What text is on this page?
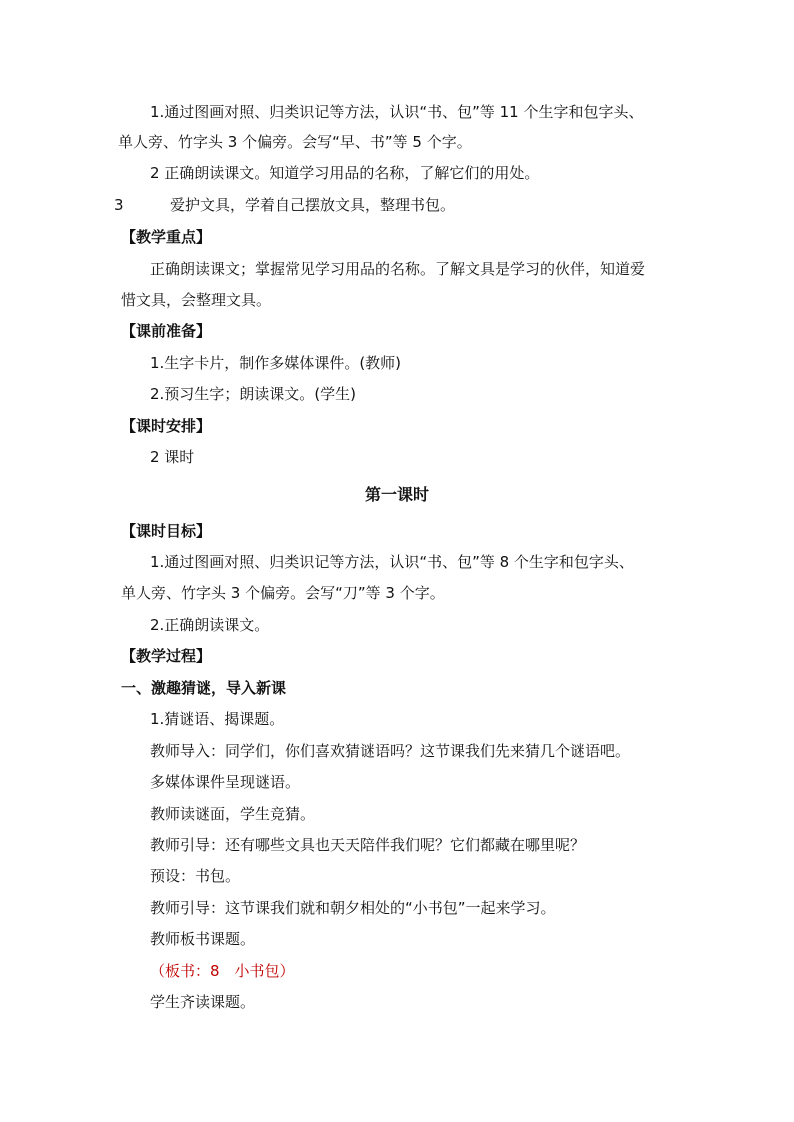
1.通过图画对照、归类识记等方法，认识“书、包”等 11 个生字和包字头、
单人旁、竹字头 3 个偏旁。会写“早、书”等 5 个字。
2 正确朗读课文。知道学习用品的名称，了解它们的用处。
3	爱护文具，学着自己摆放文具，整理书包。
【教学重点】
正确朗读课文；掌握常见学习用品的名称。了解文具是学习的伙伴，知道爱
惜文具，会整理文具。
【课前准备】
1.生字卡片，制作多媒体课件。(教师)
2.预习生字；朗读课文。(学生)
【课时安排】
2 课时
第一课时
【课时目标】
1.通过图画对照、归类识记等方法，认识“书、包”等 8 个生字和包字头、
单人旁、竹字头 3 个偏旁。会写“刀”等 3 个字。
2.正确朗读课文。
【教学过程】
一、激趣猜谜，导入新课
1.猜谜语、揭课题。
教师导入：同学们，你们喜欢猜谜语吗？这节课我们先来猜几个谜语吧。
多媒体课件呈现谜语。
教师读谜面，学生竞猜。
教师引导：还有哪些文具也天天陪伴我们呢？它们都藏在哪里呢？
预设：书包。
教师引导：这节课我们就和朝夕相处的“小书包”一起来学习。
教师板书课题。
（板书：8　小书包）
学生齐读课题。
